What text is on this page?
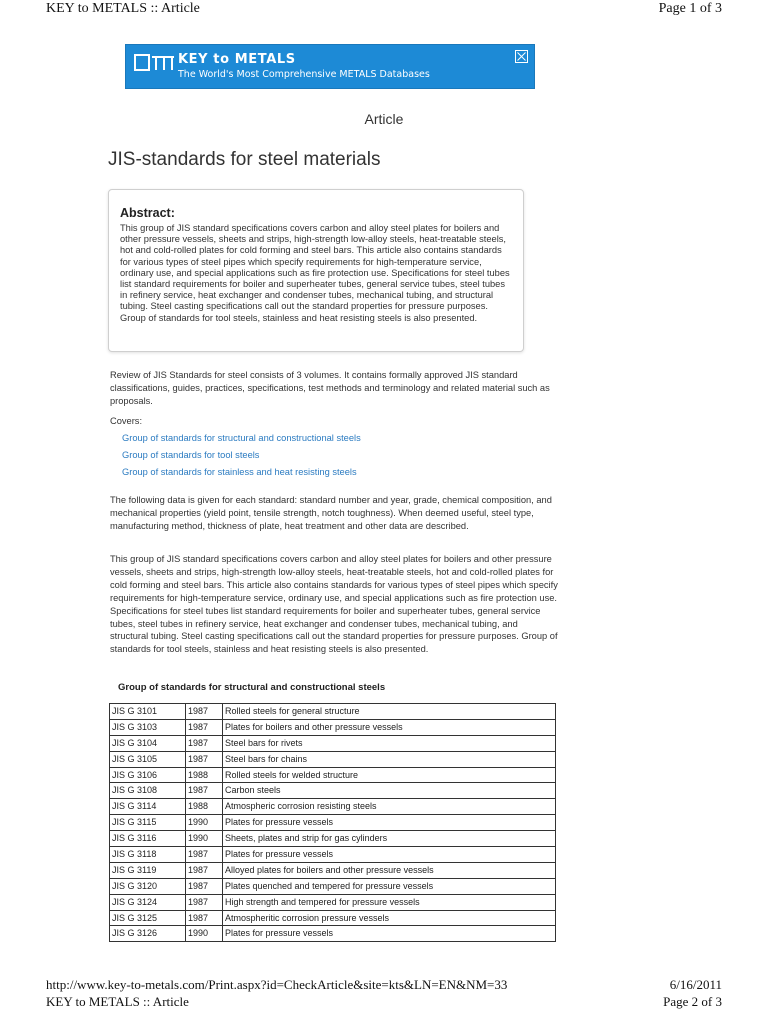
KEY to METALS :: Article	Page 1 of 3
KEY to METALS
The World's Most Comprehensive METALS Databases
Article
JIS-standards for steel materials
Abstract:
This group of JIS standard specifications covers carbon and alloy steel plates for boilers and other pressure vessels, sheets and strips, high-strength low-alloy steels, heat-treatable steels, hot and cold-rolled plates for cold forming and steel bars. This article also contains standards for various types of steel pipes which specify requirements for high-temperature service, ordinary use, and special applications such as fire protection use. Specifications for steel tubes list standard requirements for boiler and superheater tubes, general service tubes, steel tubes in refinery service, heat exchanger and condenser tubes, mechanical tubing, and structural tubing. Steel casting specifications call out the standard properties for pressure purposes. Group of standards for tool steels, stainless and heat resisting steels is also presented.

Review of JIS Standards for steel consists of 3 volumes. It contains formally approved JIS standard classifications, guides, practices, specifications, test methods and terminology and related material such as proposals.

Covers:
Group of standards for structural and constructional steels
Group of standards for tool steels
Group of standards for stainless and heat resisting steels

The following data is given for each standard: standard number and year, grade, chemical composition, and mechanical properties (yield point, tensile strength, notch toughness). When deemed useful, steel type, manufacturing method, thickness of plate, heat treatment and other data are described.

This group of JIS standard specifications covers carbon and alloy steel plates for boilers and other pressure vessels, sheets and strips, high-strength low-alloy steels, heat-treatable steels, hot and cold-rolled plates for cold forming and steel bars. This article also contains standards for various types of steel pipes which specify requirements for high-temperature service, ordinary use, and special applications such as fire protection use. Specifications for steel tubes list standard requirements for boiler and superheater tubes, general service tubes, steel tubes in refinery service, heat exchanger and condenser tubes, mechanical tubing, and structural tubing. Steel casting specifications call out the standard properties for pressure purposes. Group of standards for tool steels, stainless and heat resisting steels is also presented.

Group of standards for structural and constructional steels
JIS G 3101	1987	Rolled steels for general structure
JIS G 3103	1987	Plates for boilers and other pressure vessels
JIS G 3104	1987	Steel bars for rivets
JIS G 3105	1987	Steel bars for chains
JIS G 3106	1988	Rolled steels for welded structure
JIS G 3108	1987	Carbon steels
JIS G 3114	1988	Atmospheric corrosion resisting steels
JIS G 3115	1990	Plates for pressure vessels
JIS G 3116	1990	Sheets, plates and strip for gas cylinders
JIS G 3118	1987	Plates for pressure vessels
JIS G 3119	1987	Alloyed plates for boilers and other pressure vessels
JIS G 3120	1987	Plates quenched and tempered for pressure vessels
JIS G 3124	1987	High strength and tempered for pressure vessels
JIS G 3125	1987	Atmospheritic corrosion pressure vessels
JIS G 3126	1990	Plates for pressure vessels
http://www.key-to-metals.com/Print.aspx?id=CheckArticle&site=kts&LN=EN&NM=33	6/16/2011
KEY to METALS :: Article	Page 2 of 3
